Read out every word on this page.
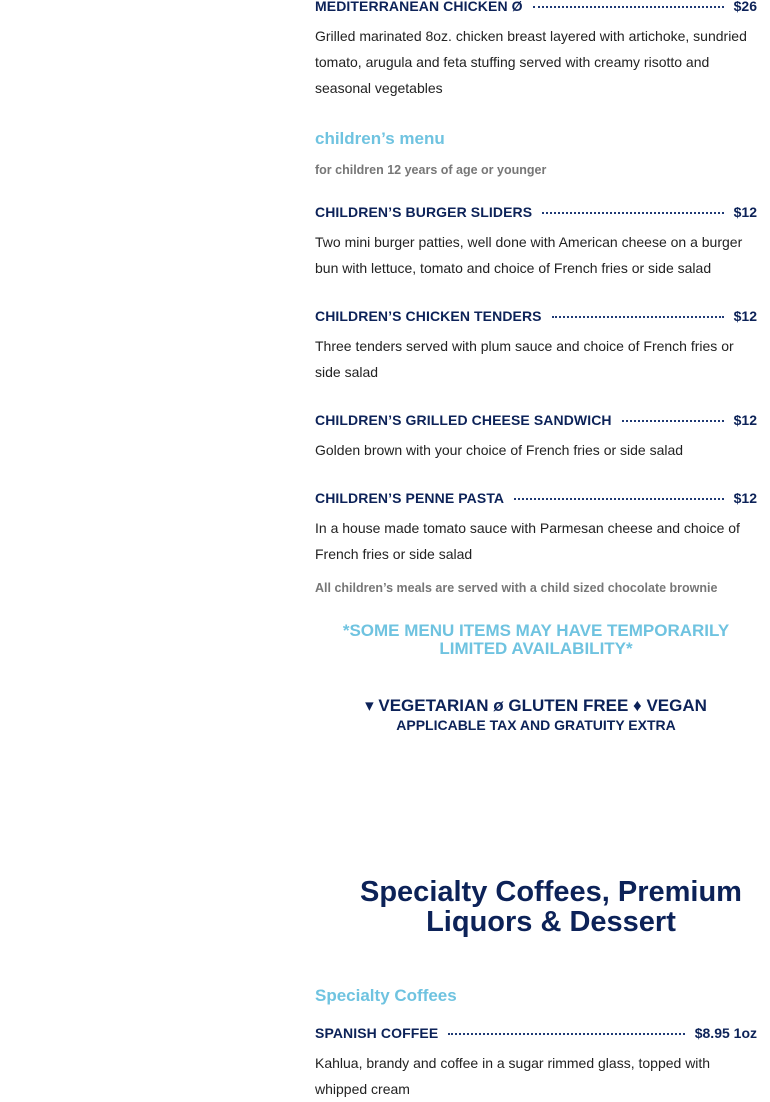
MEDITERRANEAN CHICKEN Ø	$26
Grilled marinated 8oz. chicken breast layered with artichoke, sundried tomato, arugula and feta stuffing served with creamy risotto and seasonal vegetables
children’s menu
for children 12 years of age or younger
CHILDREN’S BURGER SLIDERS	$12
Two mini burger patties, well done with American cheese on a burger bun with lettuce, tomato and choice of French fries or side salad
CHILDREN’S CHICKEN TENDERS	$12
Three tenders served with plum sauce and choice of French fries or side salad
CHILDREN’S GRILLED CHEESE SANDWICH	$12
Golden brown with your choice of French fries or side salad
CHILDREN’S PENNE PASTA	$12
In a house made tomato sauce with Parmesan cheese and choice of French fries or side salad
All children’s meals are served with a child sized chocolate brownie
*SOME MENU ITEMS MAY HAVE TEMPORARILY
LIMITED AVAILABILITY*
▾ VEGETARIAN ø GLUTEN FREE ♦ VEGAN
APPLICABLE TAX AND GRATUITY EXTRA
Specialty Coffees, Premium
Liquors & Dessert
Specialty Coffees
SPANISH COFFEE	$8.95 1oz
Kahlua, brandy and coffee in a sugar rimmed glass, topped with whipped cream
